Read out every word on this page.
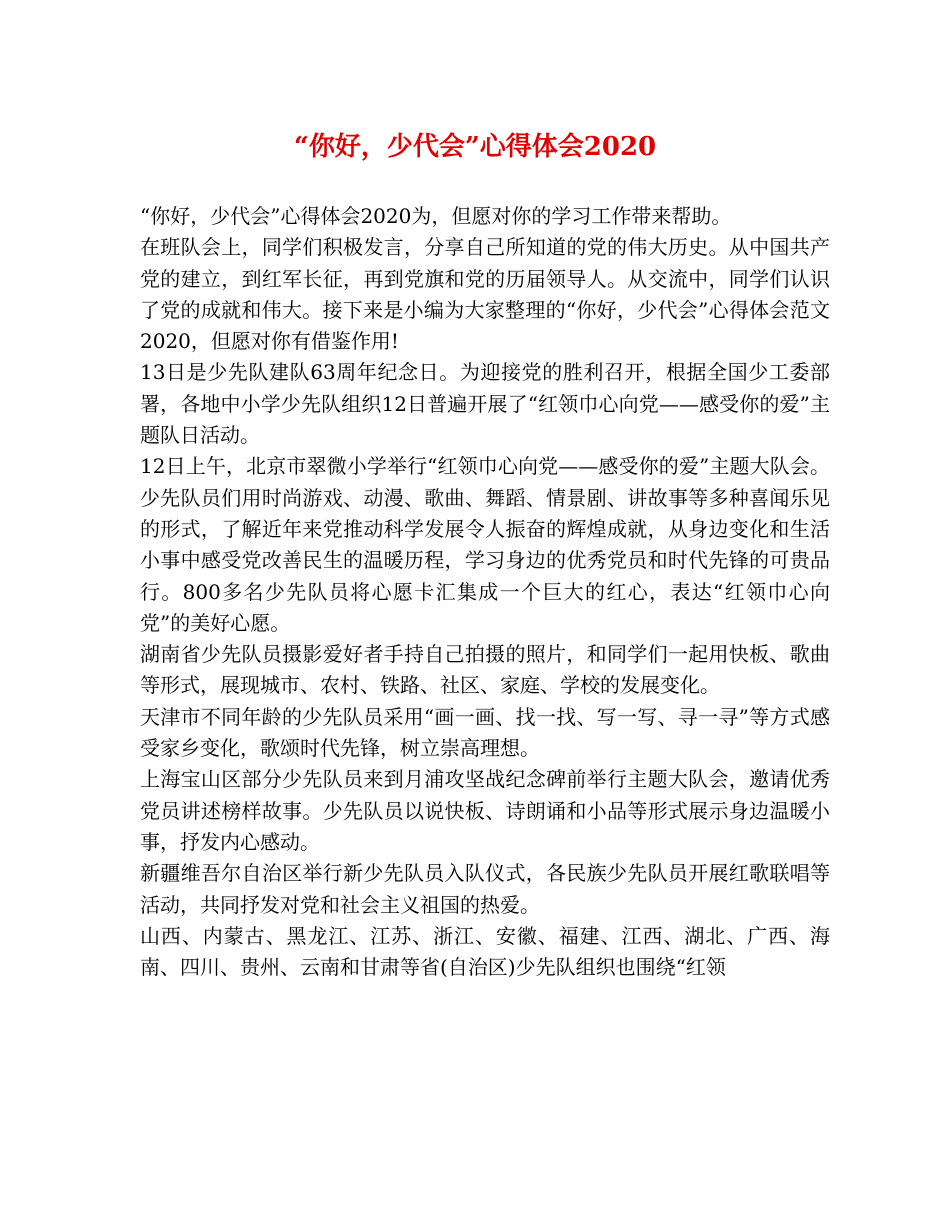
“你好，少代会”心得体会2020

“你好，少代会”心得体会2020为，但愿对你的学习工作带来帮助。

在班队会上，同学们积极发言，分享自己所知道的党的伟大历史。从中国共产党的建立，到红军长征，再到党旗和党的历届领导人。从交流中，同学们认识了党的成就和伟大。接下来是小编为大家整理的“你好，少代会”心得体会范文2020，但愿对你有借鉴作用!

13日是少先队建队63周年纪念日。为迎接党的胜利召开，根据全国少工委部署，各地中小学少先队组织12日普遍开展了“红领巾心向党——感受你的爱”主题队日活动。

12日上午，北京市翠微小学举行“红领巾心向党——感受你的爱”主题大队会。少先队员们用时尚游戏、动漫、歌曲、舞蹈、情景剧、讲故事等多种喜闻乐见的形式，了解近年来党推动科学发展令人振奋的辉煌成就，从身边变化和生活小事中感受党改善民生的温暖历程，学习身边的优秀党员和时代先锋的可贵品行。800多名少先队员将心愿卡汇集成一个巨大的红心，表达“红领巾心向党”的美好心愿。

湖南省少先队员摄影爱好者手持自己拍摄的照片，和同学们一起用快板、歌曲等形式，展现城市、农村、铁路、社区、家庭、学校的发展变化。

天津市不同年龄的少先队员采用“画一画、找一找、写一写、寻一寻”等方式感受家乡变化，歌颂时代先锋，树立崇高理想。

上海宝山区部分少先队员来到月浦攻坚战纪念碑前举行主题大队会，邀请优秀党员讲述榜样故事。少先队员以说快板、诗朗诵和小品等形式展示身边温暖小事，抒发内心感动。

新疆维吾尔自治区举行新少先队员入队仪式，各民族少先队员开展红歌联唱等活动，共同抒发对党和社会主义祖国的热爱。

山西、内蒙古、黑龙江、江苏、浙江、安徽、福建、江西、湖北、广西、海南、四川、贵州、云南和甘肃等省(自治区)少先队组织也围绕“红领
